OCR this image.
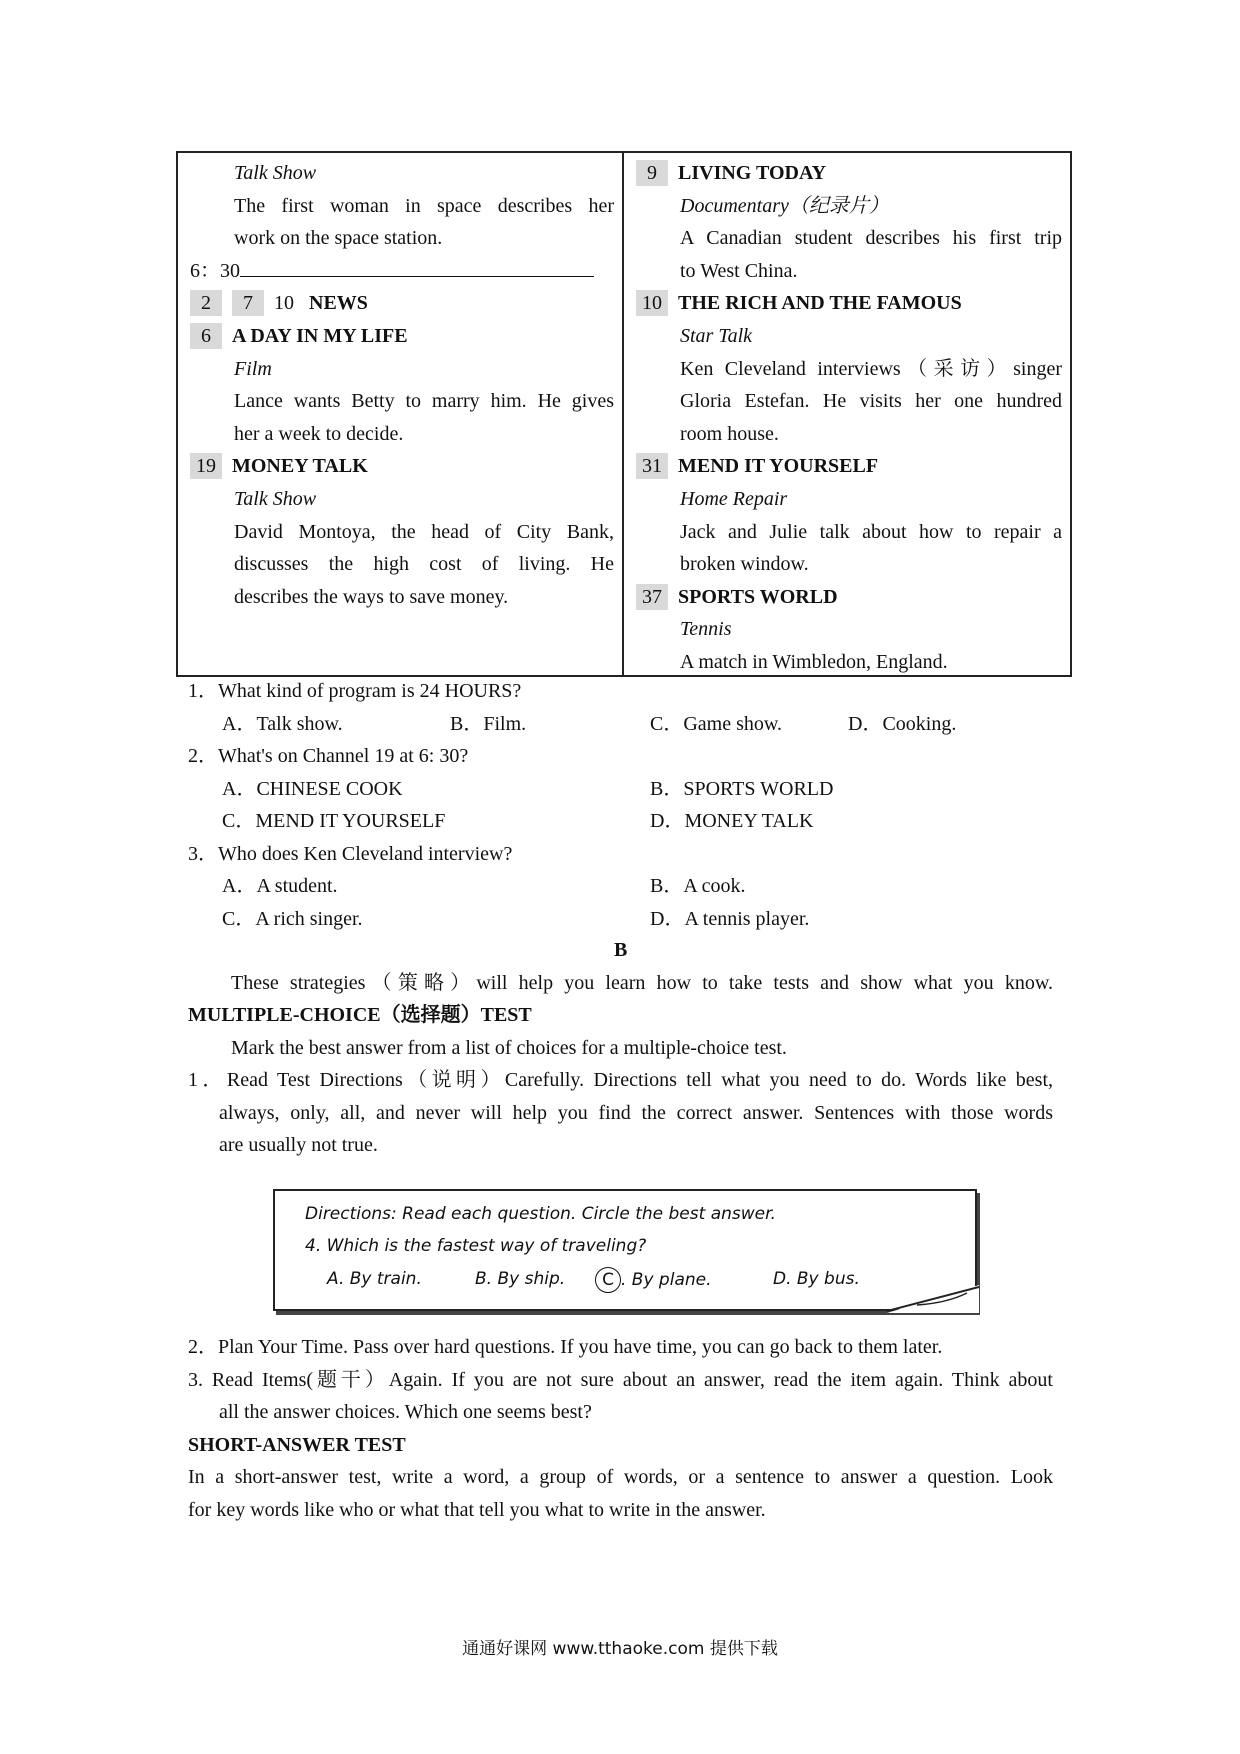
Talk Show
The first woman in space describes her
work on the space station.
6：30
2 7 10 NEWS
6 A DAY IN MY LIFE
Film
Lance wants Betty to marry him. He gives
her a week to decide.
19 MONEY TALK
Talk Show
David Montoya, the head of City Bank,
discusses the high cost of living. He
describes the ways to save money.
9 LIVING TODAY
Documentary（纪录片）
A Canadian student describes his first trip
to West China.
10 THE RICH AND THE FAMOUS
Star Talk
Ken Cleveland interviews（采访）singer
Gloria Estefan. He visits her one hundred
room house.
31 MEND IT YOURSELF
Home Repair
Jack and Julie talk about how to repair a
broken window.
37 SPORTS WORLD
Tennis
A match in Wimbledon, England.
1．What kind of program is 24 HOURS?
A．Talk show.	B．Film.	C．Game show.	D．Cooking.
2．What's on Channel 19 at 6: 30?
A．CHINESE COOK	B．SPORTS WORLD
C．MEND IT YOURSELF	D．MONEY TALK
3．Who does Ken Cleveland interview?
A．A student.	B．A cook.
C．A rich singer.	D．A tennis player.
B
These strategies（策略）will help you learn how to take tests and show what you know.
MULTIPLE-CHOICE（选择题）TEST
Mark the best answer from a list of choices for a multiple-choice test.
1．Read Test Directions（说明）Carefully. Directions tell what you need to do. Words like best,
always, only, all, and never will help you find the correct answer. Sentences with those words
are usually not true.
Directions: Read each question. Circle the best answer.
4. Which is the fastest way of traveling?
A. By train.	B. By ship.	C . By plane.	D. By bus.
2．Plan Your Time. Pass over hard questions. If you have time, you can go back to them later.
3. Read Items(题干）Again. If you are not sure about an answer, read the item again. Think about
all the answer choices. Which one seems best?
SHORT-ANSWER TEST
In a short-answer test, write a word, a group of words, or a sentence to answer a question. Look
for key words like who or what that tell you what to write in the answer.
通通好课网 www.tthaoke.com 提供下载
